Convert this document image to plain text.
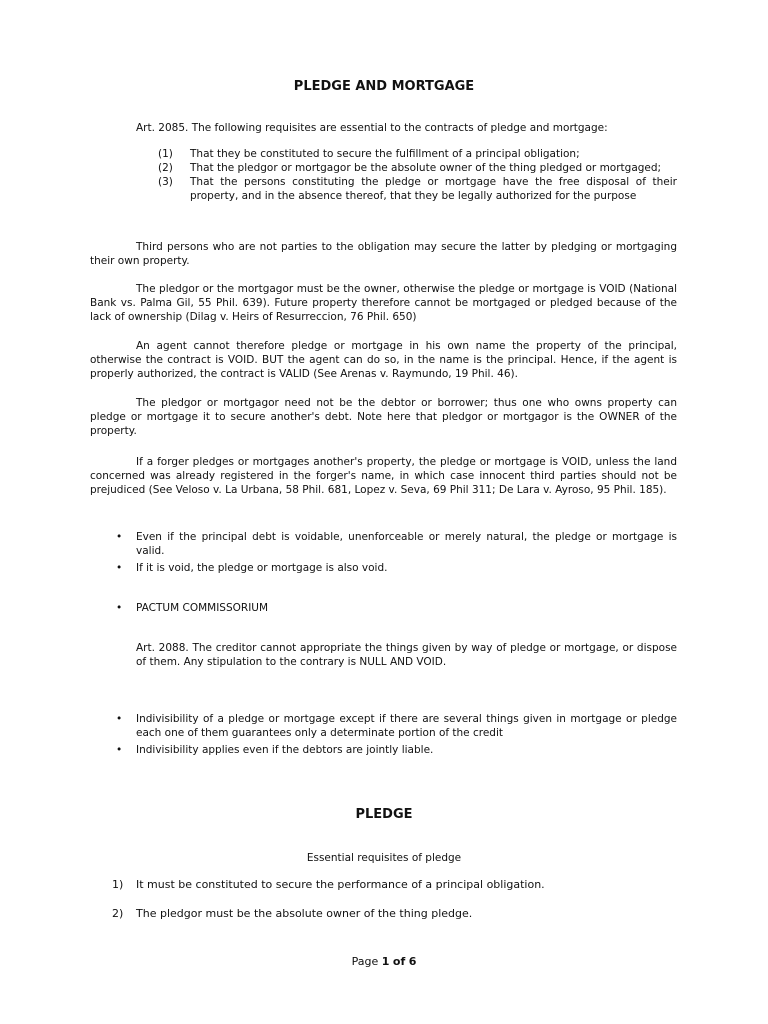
PLEDGE AND MORTGAGE
Art. 2085. The following requisites are essential to the contracts of pledge and mortgage:
(1) That they be constituted to secure the fulfillment of a principal obligation;
(2) That the pledgor or mortgagor be the absolute owner of the thing pledged or mortgaged;
(3) That the persons constituting the pledge or mortgage have the free disposal of their property, and in the absence thereof, that they be legally authorized for the purpose
Third persons who are not parties to the obligation may secure the latter by pledging or mortgaging their own property.
The pledgor or the mortgagor must be the owner, otherwise the pledge or mortgage is VOID (National Bank vs. Palma Gil, 55 Phil. 639). Future property therefore cannot be mortgaged or pledged because of the lack of ownership (Dilag v. Heirs of Resurreccion, 76 Phil. 650)
An agent cannot therefore pledge or mortgage in his own name the property of the principal, otherwise the contract is VOID. BUT the agent can do so, in the name is the principal. Hence, if the agent is properly authorized, the contract is VALID (See Arenas v. Raymundo, 19 Phil. 46).
The pledgor or mortgagor need not be the debtor or borrower; thus one who owns property can pledge or mortgage it to secure another's debt. Note here that pledgor or mortgagor is the OWNER of the property.
If a forger pledges or mortgages another's property, the pledge or mortgage is VOID, unless the land concerned was already registered in the forger's name, in which case innocent third parties should not be prejudiced (See Veloso v. La Urbana, 58 Phil. 681, Lopez v. Seva, 69 Phil 311; De Lara v. Ayroso, 95 Phil. 185).
• Even if the principal debt is voidable, unenforceable or merely natural, the pledge or mortgage is valid.
• If it is void, the pledge or mortgage is also void.
• PACTUM COMMISSORIUM
Art. 2088. The creditor cannot appropriate the things given by way of pledge or mortgage, or dispose of them. Any stipulation to the contrary is NULL AND VOID.
• Indivisibility of a pledge or mortgage except if there are several things given in mortgage or pledge each one of them guarantees only a determinate portion of the credit
• Indivisibility applies even if the debtors are jointly liable.
PLEDGE
Essential requisites of pledge
1) It must be constituted to secure the performance of a principal obligation.
2) The pledgor must be the absolute owner of the thing pledge.
Page 1 of 6
